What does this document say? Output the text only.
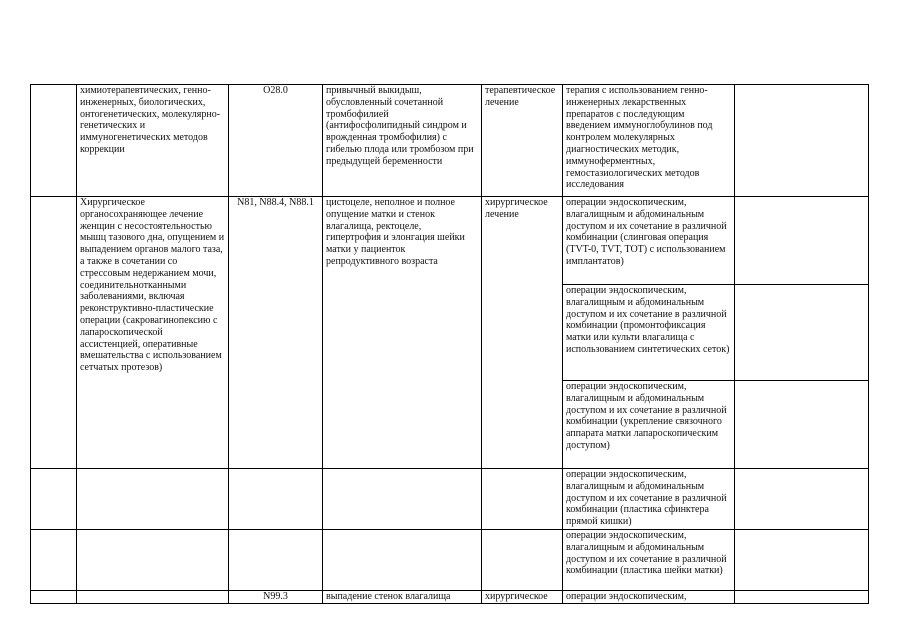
	химиотерапевтических, генно-инженерных, биологических, онтогенетических, молекулярно-генетических и иммуногенетических методов коррекции	O28.0	привычный выкидыш, обусловленный сочетанной тромбофилией (антифосфолипидный синдром и врожденная тромбофилия) с гибелью плода или тромбозом при предыдущей беременности	терапевтическое лечение	терапия с использованием генно-инженерных лекарственных препаратов с последующим введением иммуноглобулинов под контролем молекулярных диагностических методик, иммуноферментных, гемостазиологических методов исследования	
	Хирургическое органосохраняющее лечение женщин с несостоятельностью мышц тазового дна, опущением и выпадением органов малого таза, а также в сочетании со стрессовым недержанием мочи, соединительнотканными заболеваниями, включая реконструктивно-пластические операции (сакровагинопексию с лапароскопической ассистенцией, оперативные вмешательства с использованием сетчатых протезов)	N81, N88.4, N88.1	цистоцеле, неполное и полное опущение матки и стенок влагалища, ректоцеле, гипертрофия и элонгация шейки матки у пациенток репродуктивного возраста	хирургическое лечение	операции эндоскопическим, влагалищным и абдоминальным доступом и их сочетание в различной комбинации (слинговая операция (TVT-0, TVT, TOT) с использованием имплантатов)	
					операции эндоскопическим, влагалищным и абдоминальным доступом и их сочетание в различной комбинации (промонтофиксация матки или культи влагалища с использованием синтетических сеток)	
					операции эндоскопическим, влагалищным и абдоминальным доступом и их сочетание в различной комбинации (укрепление связочного аппарата матки лапароскопическим доступом)	
					операции эндоскопическим, влагалищным и абдоминальным доступом и их сочетание в различной комбинации (пластика сфинктера прямой кишки)	
					операции эндоскопическим, влагалищным и абдоминальным доступом и их сочетание в различной комбинации (пластика шейки матки)	
		N99.3	выпадение стенок влагалища	хирургическое	операции эндоскопическим,	
